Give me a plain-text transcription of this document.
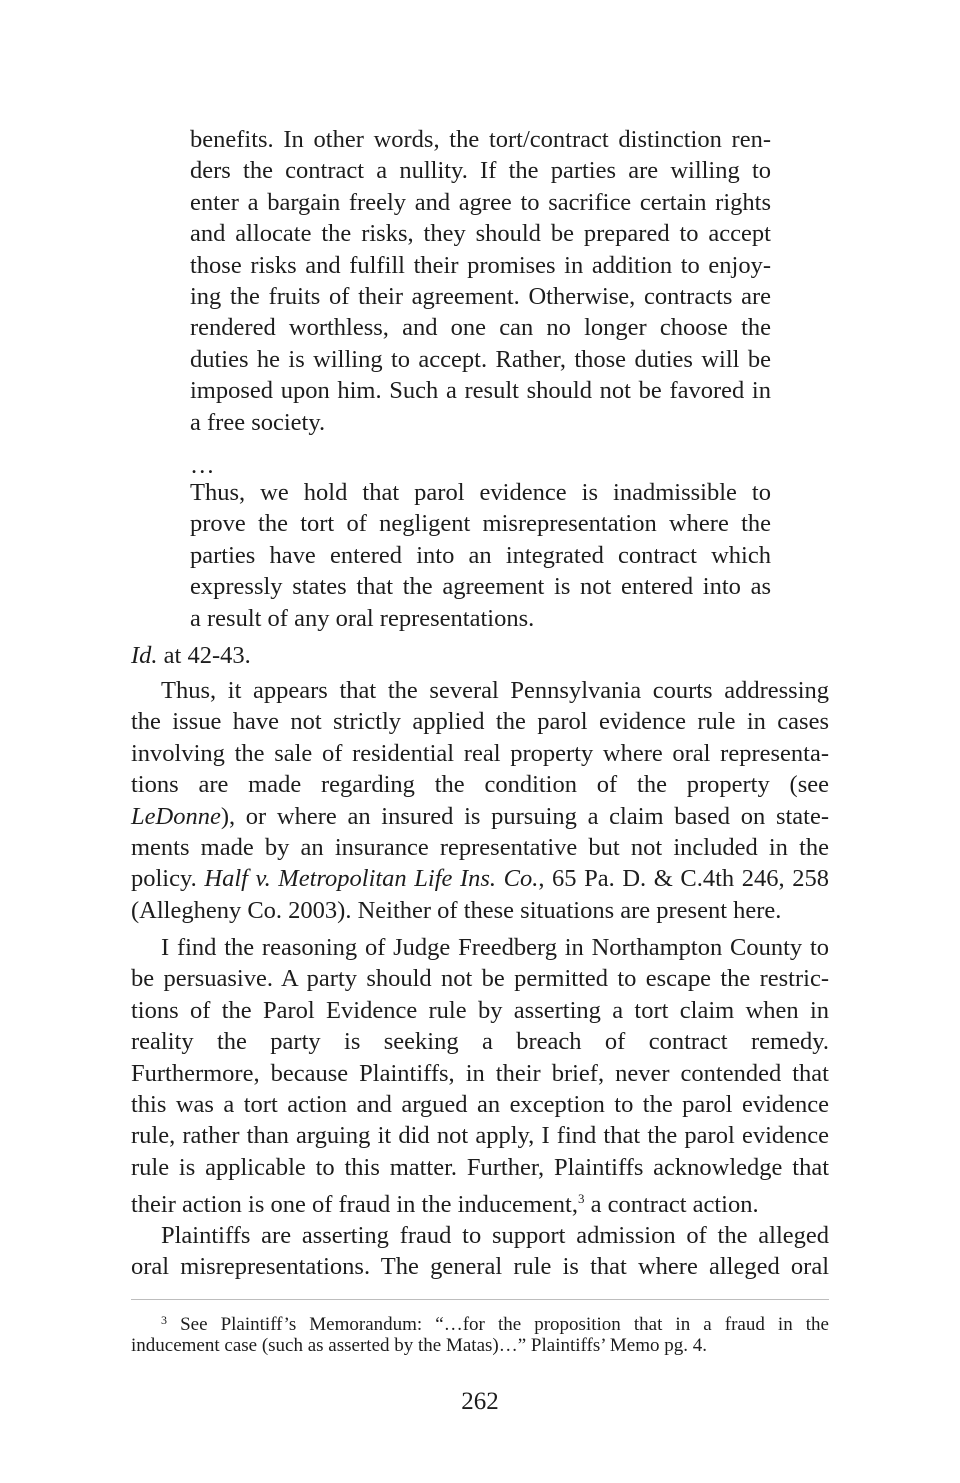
benefits. In other words, the tort/contract distinction ren-
ders the contract a nullity. If the parties are willing to
enter a bargain freely and agree to sacrifice certain rights
and allocate the risks, they should be prepared to accept
those risks and fulfill their promises in addition to enjoy-
ing the fruits of their agreement. Otherwise, contracts are
rendered worthless, and one can no longer choose the
duties he is willing to accept. Rather, those duties will be
imposed upon him. Such a result should not be favored in
a free society.
…
Thus, we hold that parol evidence is inadmissible to
prove the tort of negligent misrepresentation where the
parties have entered into an integrated contract which
expressly states that the agreement is not entered into as
a result of any oral representations.
Id. at 42-43.
Thus, it appears that the several Pennsylvania courts addressing
the issue have not strictly applied the parol evidence rule in cases
involving the sale of residential real property where oral representa-
tions are made regarding the condition of the property (see
LeDonne), or where an insured is pursuing a claim based on state-
ments made by an insurance representative but not included in the
policy. Half v. Metropolitan Life Ins. Co., 65 Pa. D. & C.4th 246, 258
(Allegheny Co. 2003). Neither of these situations are present here.
I find the reasoning of Judge Freedberg in Northampton County to
be persuasive. A party should not be permitted to escape the restric-
tions of the Parol Evidence rule by asserting a tort claim when in
reality the party is seeking a breach of contract remedy.
Furthermore, because Plaintiffs, in their brief, never contended that
this was a tort action and argued an exception to the parol evidence
rule, rather than arguing it did not apply, I find that the parol evidence
rule is applicable to this matter. Further, Plaintiffs acknowledge that
their action is one of fraud in the inducement,$^3$ a contract action.
Plaintiffs are asserting fraud to support admission of the alleged
oral misrepresentations. The general rule is that where alleged oral
$^3$ See Plaintiff’s Memorandum: “…for the proposition that in a fraud in the
inducement case (such as asserted by the Matas)…” Plaintiffs’ Memo pg. 4.
262
